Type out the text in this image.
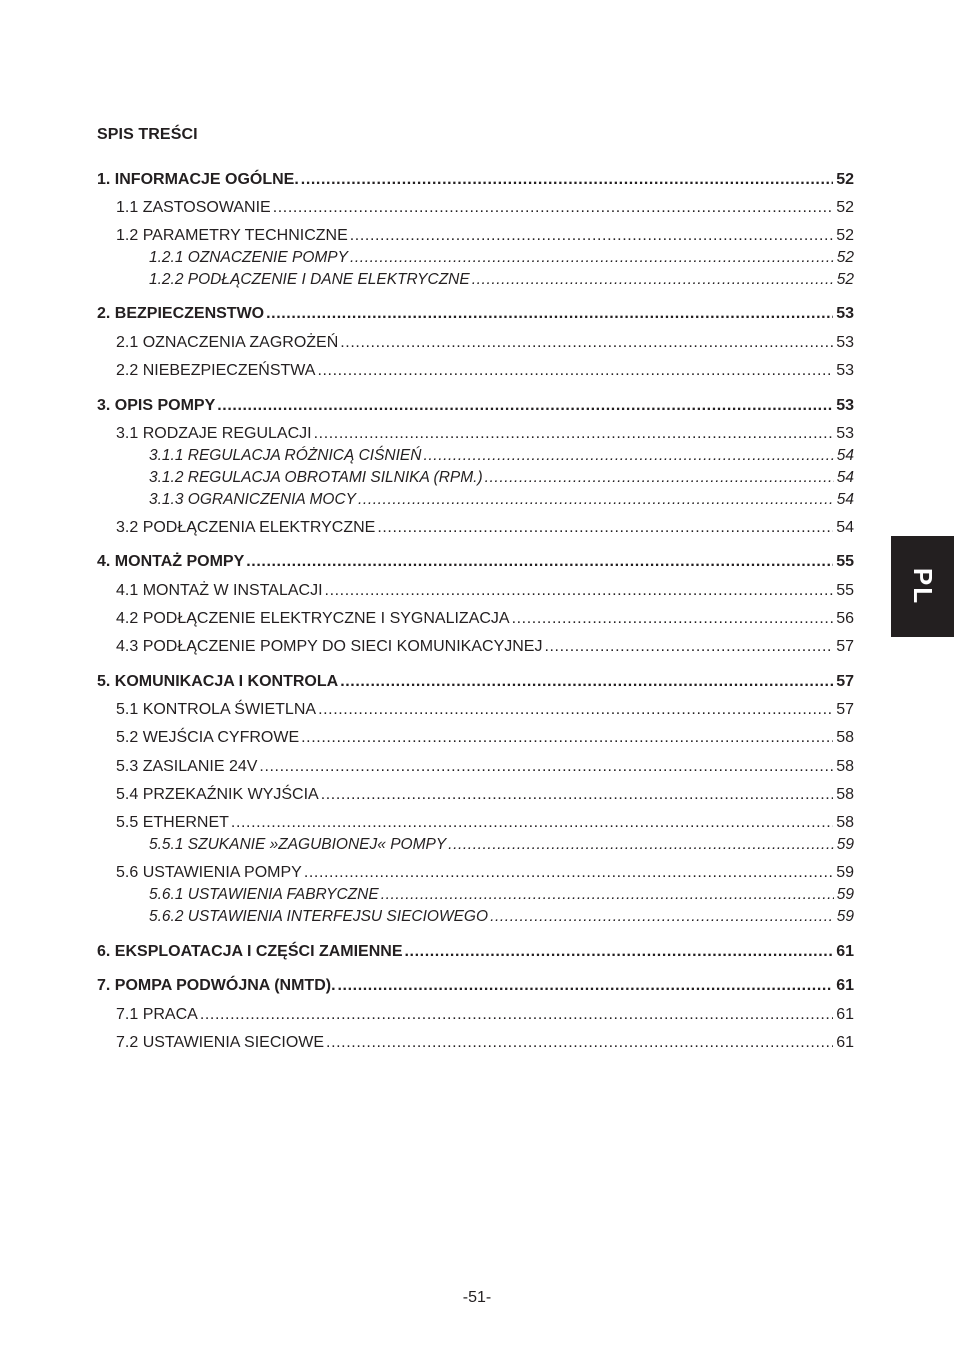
SPIS TREŚCI
1. INFORMACJE OGÓLNE. .....	52
1.1 ZASTOSOWANIE .....	52
1.2 PARAMETRY TECHNICZNE .....	52
1.2.1 OZNACZENIE POMPY .....	52
1.2.2 PODŁĄCZENIE I DANE ELEKTRYCZNE .....	52
2. BEZPIECZENSTWO .....	53
2.1 OZNACZENIA ZAGROŻEŃ .....	53
2.2 NIEBEZPIECZEŃSTWA .....	53
3. OPIS POMPY .....	53
3.1 RODZAJE REGULACJI .....	53
3.1.1 REGULACJA RÓŻNICĄ CIŚNIEŃ .....	54
3.1.2 REGULACJA OBROTAMI SILNIKA (RPM.) .....	54
3.1.3 OGRANICZENIA MOCY .....	54
3.2 PODŁĄCZENIA ELEKTRYCZNE .....	54
4. MONTAŻ POMPY .....	55
4.1 MONTAŻ W INSTALACJI .....	55
4.2 PODŁĄCZENIE ELEKTRYCZNE I SYGNALIZACJA .....	56
4.3 PODŁĄCZENIE POMPY DO SIECI KOMUNIKACYJNEJ .....	57
5. KOMUNIKACJA I KONTROLA .....	57
5.1 KONTROLA ŚWIETLNA .....	57
5.2 WEJŚCIA CYFROWE .....	58
5.3 ZASILANIE 24V .....	58
5.4 PRZEKAŹNIK WYJŚCIA .....	58
5.5 ETHERNET .....	58
5.5.1 SZUKANIE »ZAGUBIONEJ« POMPY .....	59
5.6 USTAWIENIA POMPY .....	59
5.6.1 USTAWIENIA FABRYCZNE .....	59
5.6.2 USTAWIENIA INTERFEJSU SIECIOWEGO .....	59
6. EKSPLOATACJA I CZĘŚCI ZAMIENNE .....	61
7. POMPA PODWÓJNA (NMTD). .....	61
7.1 PRACA .....	61
7.2 USTAWIENIA SIECIOWE .....	61
PL
-51-
